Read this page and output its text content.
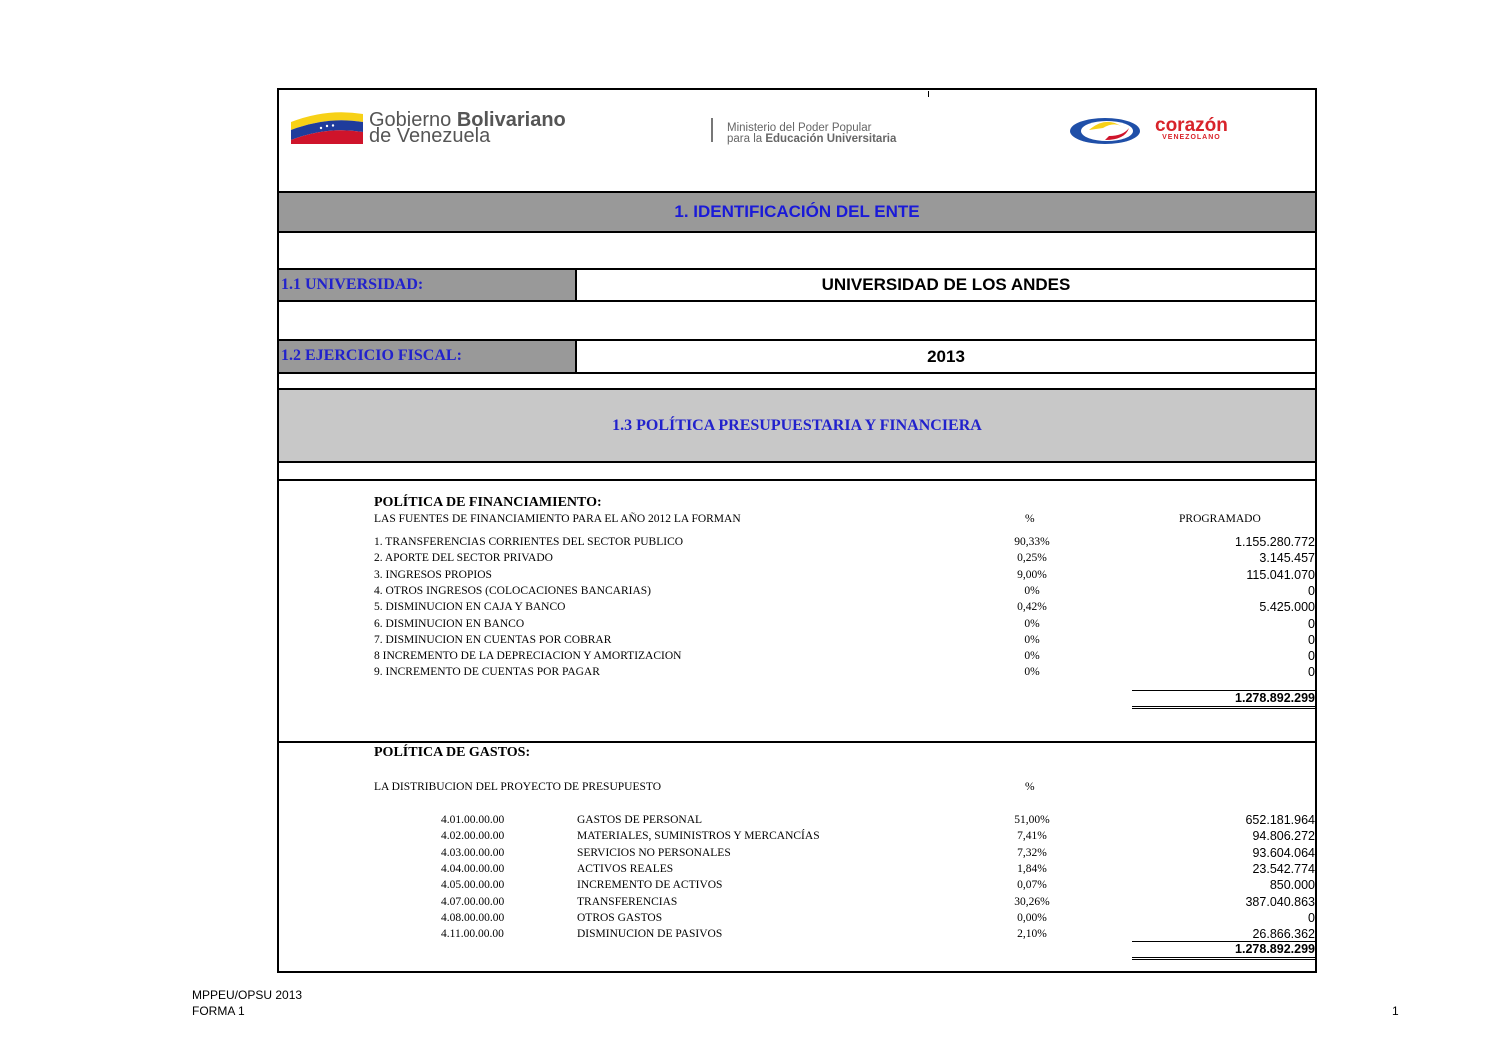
Gobierno Bolivariano
de Venezuela	Ministerio del Poder Popular
para la Educación Universitaria
corazón
VENEZOLANO
1. IDENTIFICACIÓN DEL ENTE
1.1 UNIVERSIDAD:	UNIVERSIDAD DE LOS ANDES
1.2 EJERCICIO FISCAL:	2013
1.3 POLÍTICA PRESUPUESTARIA Y FINANCIERA
POLÍTICA DE FINANCIAMIENTO:
LAS FUENTES DE FINANCIAMIENTO PARA EL AÑO 2012 LA FORMAN	%	PROGRAMADO
1. TRANSFERENCIAS CORRIENTES DEL SECTOR PUBLICO	90,33%	1.155.280.772
2. APORTE DEL SECTOR PRIVADO	0,25%	3.145.457
3. INGRESOS PROPIOS	9,00%	115.041.070
4. OTROS INGRESOS (COLOCACIONES BANCARIAS)	0%	0
5. DISMINUCION EN CAJA Y BANCO	0,42%	5.425.000
6. DISMINUCION EN BANCO	0%	0
7. DISMINUCION EN CUENTAS POR COBRAR	0%	0
8 INCREMENTO DE LA DEPRECIACION Y AMORTIZACION	0%	0
9. INCREMENTO DE CUENTAS POR PAGAR	0%	0
1.278.892.299
POLÍTICA DE GASTOS:
LA DISTRIBUCION DEL PROYECTO DE PRESUPUESTO	%
4.01.00.00.00	GASTOS DE PERSONAL	51,00%	652.181.964
4.02.00.00.00	MATERIALES, SUMINISTROS Y MERCANCÍAS	7,41%	94.806.272
4.03.00.00.00	SERVICIOS NO PERSONALES	7,32%	93.604.064
4.04.00.00.00	ACTIVOS REALES	1,84%	23.542.774
4.05.00.00.00	INCREMENTO DE ACTIVOS	0,07%	850.000
4.07.00.00.00	TRANSFERENCIAS	30,26%	387.040.863
4.08.00.00.00	OTROS GASTOS	0,00%	0
4.11.00.00.00	DISMINUCION DE PASIVOS	2,10%	26.866.362
1.278.892.299
MPPEU/OPSU 2013
FORMA 1	1
